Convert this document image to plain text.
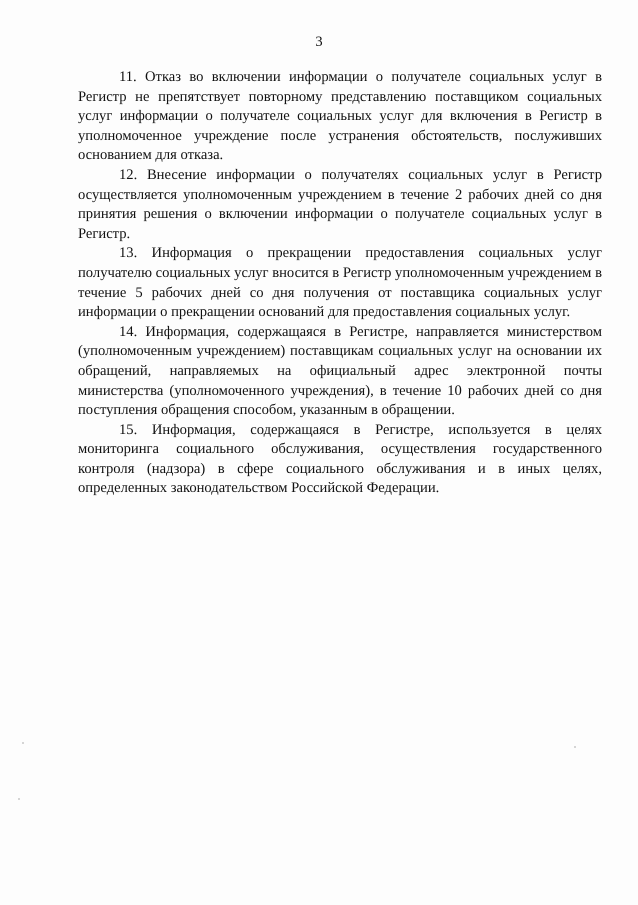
3

11. Отказ во включении информации о получателе социальных услуг в Регистр не препятствует повторному представлению поставщиком социальных услуг информации о получателе социальных услуг для включения в Регистр в уполномоченное учреждение после устранения обстоятельств, послуживших основанием для отказа.

12. Внесение информации о получателях социальных услуг в Регистр осуществляется уполномоченным учреждением в течение 2 рабочих дней со дня принятия решения о включении информации о получателе социальных услуг в Регистр.

13. Информация о прекращении предоставления социальных услуг получателю социальных услуг вносится в Регистр уполномоченным учреждением в течение 5 рабочих дней со дня получения от поставщика социальных услуг информации о прекращении оснований для предоставления социальных услуг.

14. Информация, содержащаяся в Регистре, направляется министерством (уполномоченным учреждением) поставщикам социальных услуг на основании их обращений, направляемых на официальный адрес электронной почты министерства (уполномоченного учреждения), в течение 10 рабочих дней со дня поступления обращения способом, указанным в обращении.

15. Информация, содержащаяся в Регистре, используется в целях мониторинга социального обслуживания, осуществления государственного контроля (надзора) в сфере социального обслуживания и в иных целях, определенных законодательством Российской Федерации.
